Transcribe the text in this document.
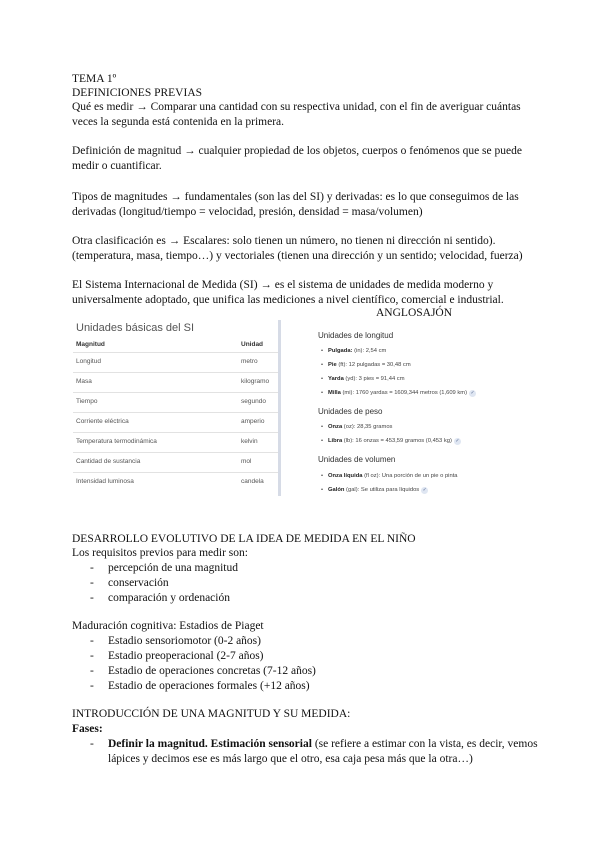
TEMA 1º
DEFINICIONES PREVIAS
Qué es medir → Comparar una cantidad con su respectiva unidad, con el fin de averiguar cuántas veces la segunda está contenida en la primera.
Definición de magnitud → cualquier propiedad de los objetos, cuerpos o fenómenos que se puede medir o cuantificar.
Tipos de magnitudes → fundamentales (son las del SI) y derivadas: es lo que conseguimos de las derivadas (longitud/tiempo = velocidad, presión, densidad = masa/volumen)
Otra clasificación es → Escalares: solo tienen un número, no tienen ni dirección ni sentido). (temperatura, masa, tiempo…) y vectoriales (tienen una dirección y un sentido; velocidad, fuerza)
El Sistema Internacional de Medida (SI) → es el sistema de unidades de medida moderno y universalmente adoptado, que unifica las mediciones a nivel científico, comercial e industrial.
ANGLOSAJÓN
Unidades básicas del SI
Magnitud	Unidad
Longitud	metro
Masa	kilogramo
Tiempo	segundo
Corriente eléctrica	amperio
Temperatura termodinámica	kelvin
Cantidad de sustancia	mol
Intensidad luminosa	candela
Unidades de longitud
• Pulgada: (in): 2,54 cm
• Pie (ft): 12 pulgadas = 30,48 cm
• Yarda (yd): 3 pies = 91,44 cm
• Milla (mi): 1760 yardas = 1609,344 metros (1,609 km) ✓
Unidades de peso
• Onza (oz): 28,35 gramos
• Libra (lb): 16 onzas = 453,59 gramos (0,453 kg) ✓
Unidades de volumen
• Onza líquida (fl oz): Una porción de un pie o pinta
• Galón (gal): Se utiliza para líquidos ✓
DESARROLLO EVOLUTIVO DE LA IDEA DE MEDIDA EN EL NIÑO
Los requisitos previos para medir son:
- percepción de una magnitud
- conservación
- comparación y ordenación
Maduración cognitiva: Estadios de Piaget
- Estadio sensoriomotor (0-2 años)
- Estadio preoperacional (2-7 años)
- Estadio de operaciones concretas (7-12 años)
- Estadio de operaciones formales (+12 años)
INTRODUCCIÓN DE UNA MAGNITUD Y SU MEDIDA:
Fases:
- Definir la magnitud. Estimación sensorial (se refiere a estimar con la vista, es decir, vemos
lápices y decimos ese es más largo que el otro, esa caja pesa más que la otra…)
